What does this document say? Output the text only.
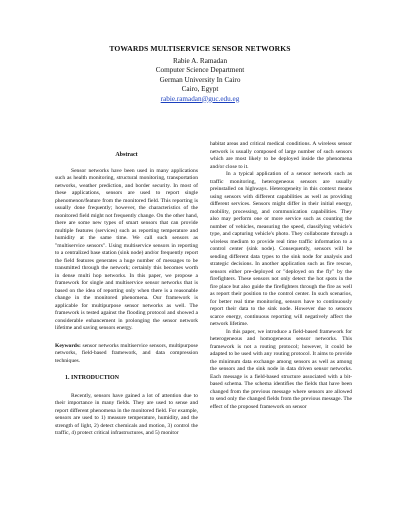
TOWARDS MULTISERVICE SENSOR NETWORKS

Rabie A. Ramadan

Computer Science Department

German University In Cairo

Cairo, Egypt

rabie.ramadan@guc.edu.eg

Abstract

Sensor networks have been used in many applications such as health monitoring, structural monitoring, transportation networks, weather prediction, and border security. In most of these applications, sensors are used to report single phenomenon/feature from the monitored field. This reporting is usually done frequently; however, the characteristics of the monitored field might not frequently change. On the other hand, there are some new types of smart sensors that can provide multiple features (services) such as reporting temperature and humidity at the same time. We call such sensors as "multiservice sensors". Using multiservice sensors in reporting to a centralized base station (sink node) and/or frequently report the field features generates a huge number of messages to be transmitted through the network; certainly this becomes worth in dense multi hop networks. In this paper, we propose a framework for single and multiservice sensor networks that is based on the idea of reporting only when there is a reasonable change in the monitored phenomena. Our framework is applicable for multipurpose sensor networks as well. The framework is tested against the flooding protocol and showed a considerable enhancement in prolonging the sensor network lifetime and saving sensors energy.

Keywords: sensor networks multiservice sensors, multipurpose networks, field-based framework, and data compression techniques.

1. INTRODUCTION

Recently, sensors have gained a lot of attention due to their importance in many fields. They are used to sense and report different phenomena in the monitored field. For example, sensors are used to 1) measure temperature, humidity, and the strength of light, 2) detect chemicals and motion, 3) control the traffic, 4) protect critical infrastructures, and 5) monitor

habitat areas and critical medical conditions. A wireless sensor network is usually composed of large number of such sensors which are most likely to be deployed inside the phenomena and/or close to it.

In a typical application of a sensor network such as traffic monitoring, heterogeneous sensors are usually preinstalled on highways. Heterogeneity in this context means using sensors with different capabilities as well as providing different services. Sensors might differ in their initial energy, mobility, processing, and communication capabilities. They also may perform one or more service such as counting the number of vehicles, measuring the speed, classifying vehicle's type, and capturing vehicle's photo. They collaborate through a wireless medium to provide real time traffic information to a control center (sink node). Consequently, sensors will be sending different data types to the sink node for analysis and strategic decisions. In another application such as fire rescue, sensors either pre-deployed or "deployed on the fly" by the firefighters. These sensors not only detect the hot spots in the fire place but also guide the firefighters through the fire as well as report their position to the control center. In such scenarios, for better real time monitoring, sensors have to continuously report their data to the sink node. However due to sensors scarce energy, continuous reporting will negatively affect the network lifetime.

In this paper, we introduce a field-based framework for heterogeneous and homogeneous sensor networks. This framework is not a routing protocol; however, it could be adapted to be used with any routing protocol. It aims to provide the minimum data exchange among sensors as well as among the sensors and the sink node in data driven sensor networks. Each message is a field-based structure associated with a bit-based schema. The schema identifies the fields that have been changed from the previous message where sensors are allowed to send only the changed fields from the previous message. The effect of the proposed framework on sensor
